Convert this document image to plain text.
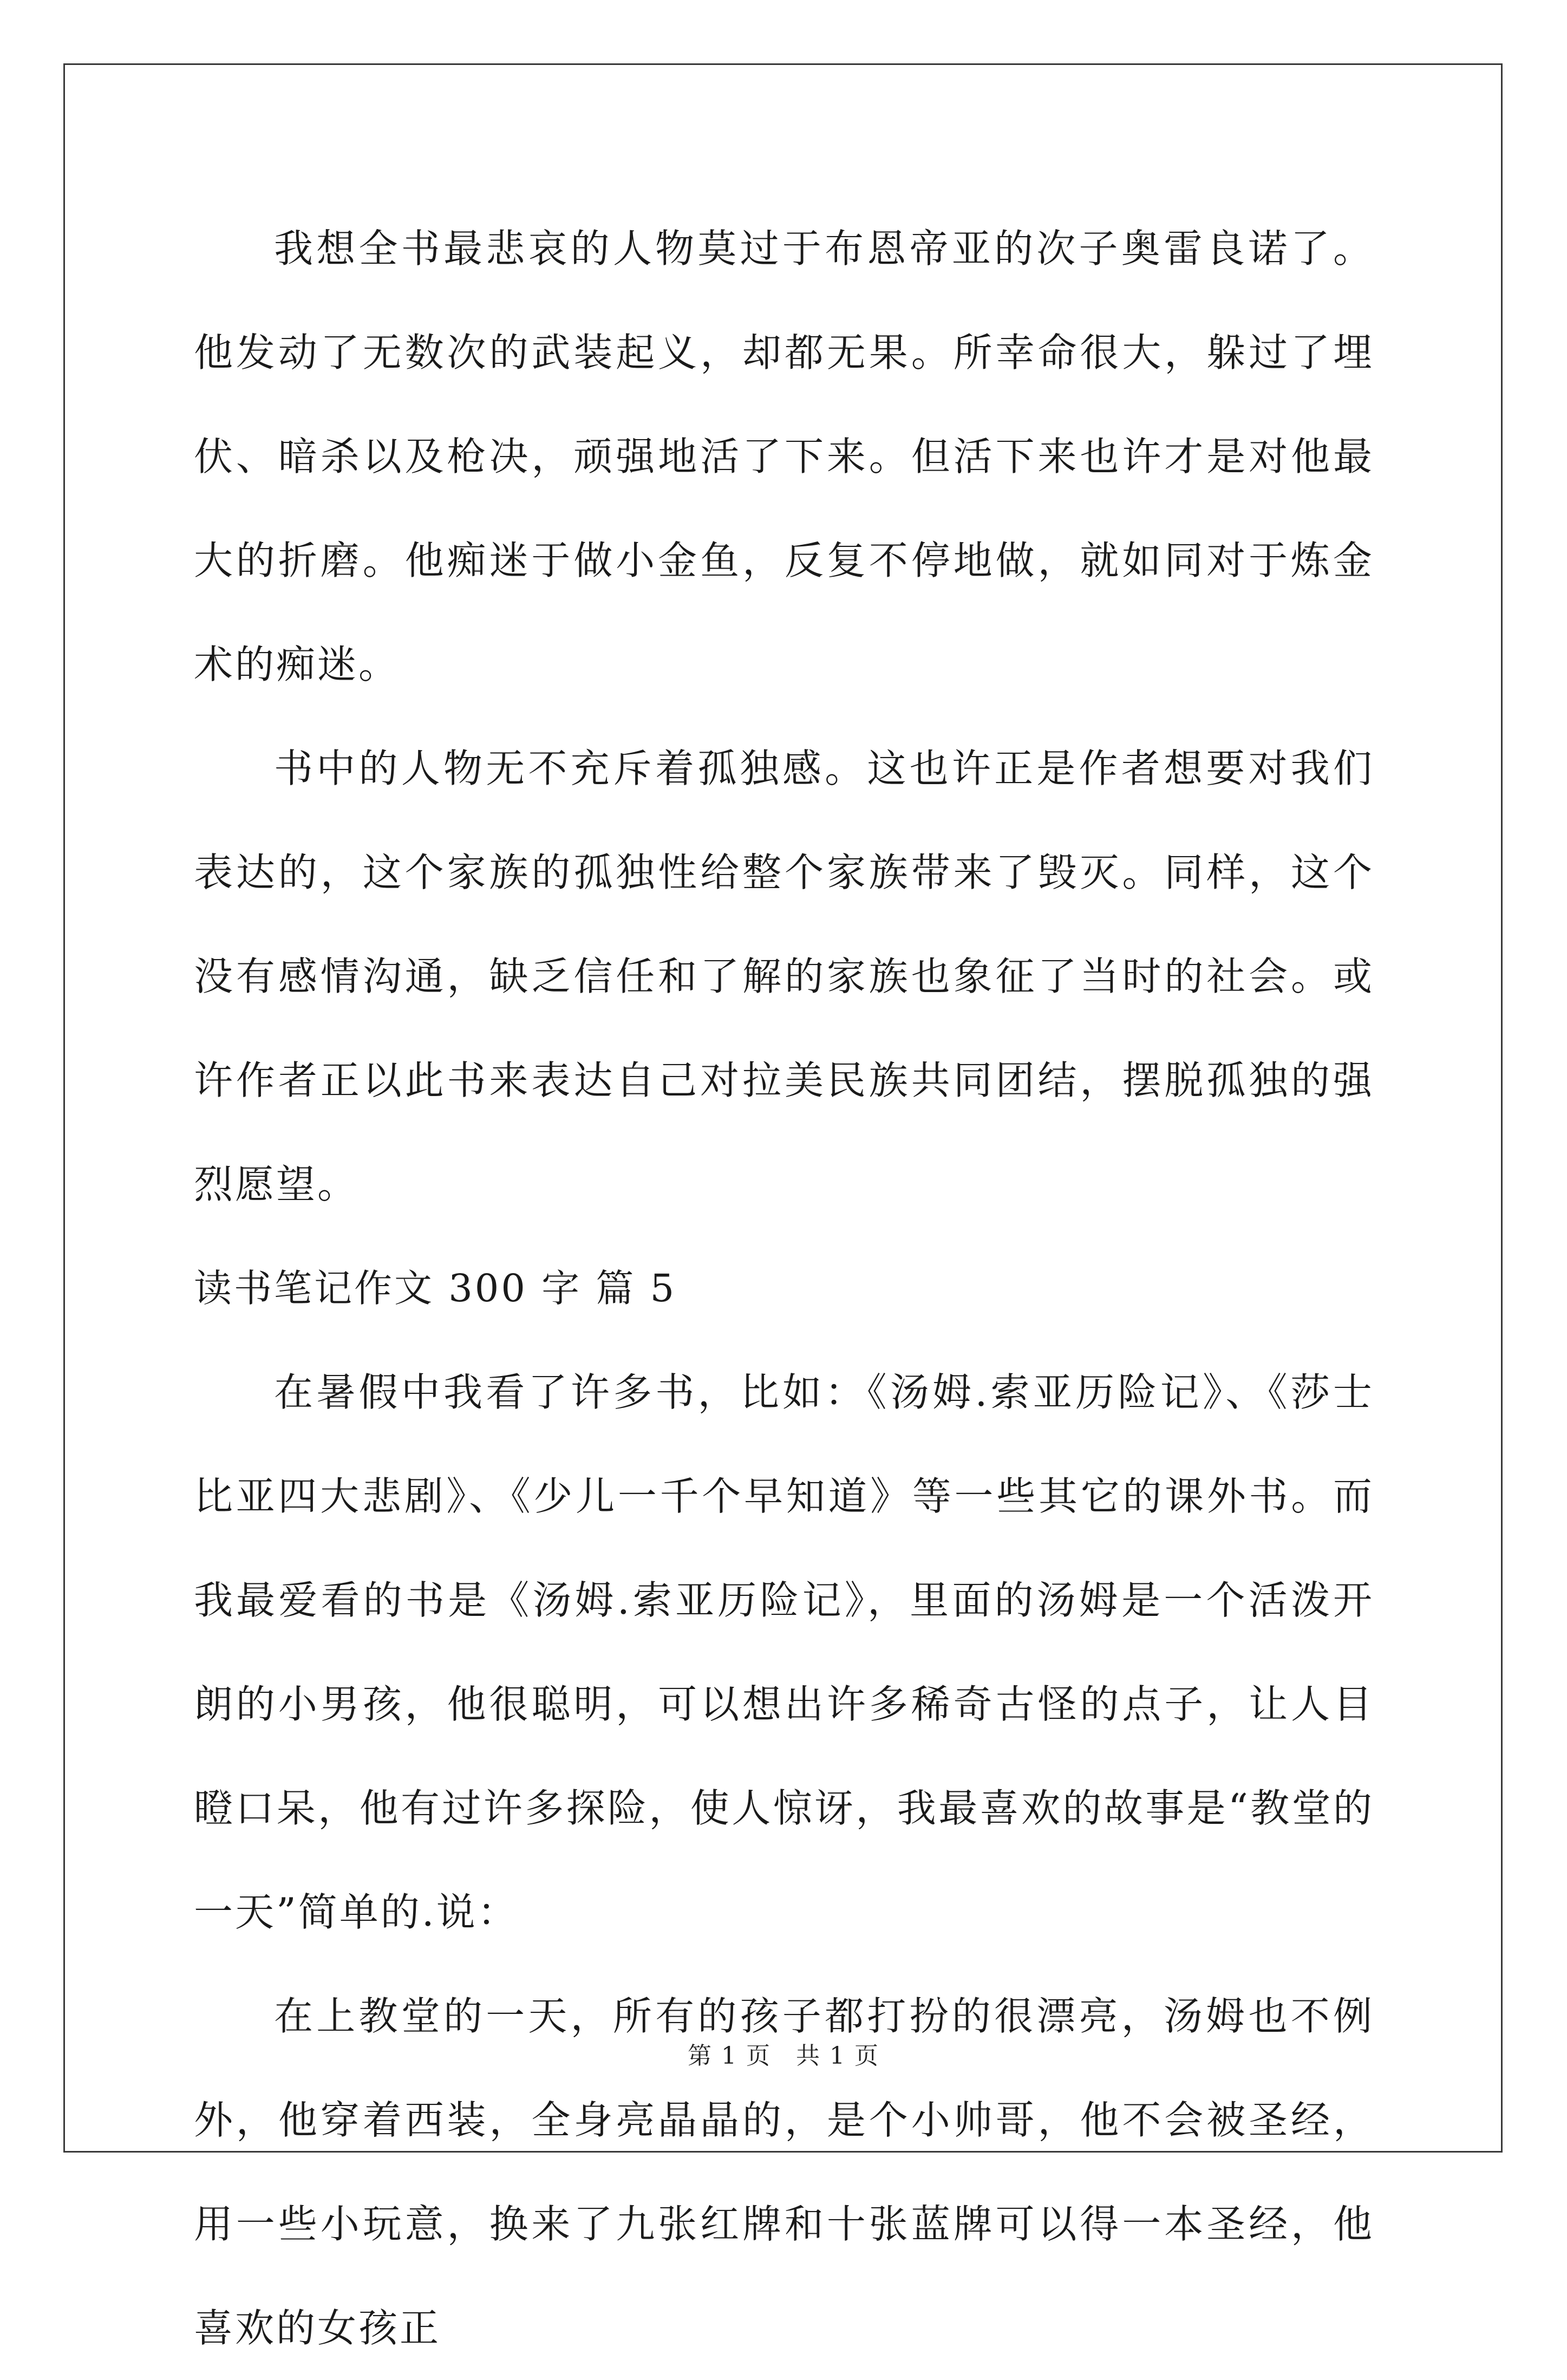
我想全书最悲哀的人物莫过于布恩帝亚的次子奥雷良诺了。他发动了无数次的武装起义，却都无果。所幸命很大，躲过了埋伏、暗杀以及枪决，顽强地活了下来。但活下来也许才是对他最大的折磨。他痴迷于做小金鱼，反复不停地做，就如同对于炼金术的痴迷。

书中的人物无不充斥着孤独感。这也许正是作者想要对我们表达的，这个家族的孤独性给整个家族带来了毁灭。同样，这个没有感情沟通，缺乏信任和了解的家族也象征了当时的社会。或许作者正以此书来表达自己对拉美民族共同团结，摆脱孤独的强烈愿望。

读书笔记作文 300 字 篇 5

在暑假中我看了许多书，比如：《汤姆.索亚历险记》、《莎士比亚四大悲剧》、《少儿一千个早知道》等一些其它的课外书。而我最爱看的书是《汤姆.索亚历险记》，里面的汤姆是一个活泼开朗的小男孩，他很聪明，可以想出许多稀奇古怪的点子，让人目瞪口呆，他有过许多探险，使人惊讶，我最喜欢的故事是“教堂的一天”简单的.说：

在上教堂的一天，所有的孩子都打扮的很漂亮，汤姆也不例外，他穿着西装，全身亮晶晶的，是个小帅哥，他不会被圣经，用一些小玩意，换来了九张红牌和十张蓝牌可以得一本圣经，他喜欢的女孩正

第 1 页 共 1 页
